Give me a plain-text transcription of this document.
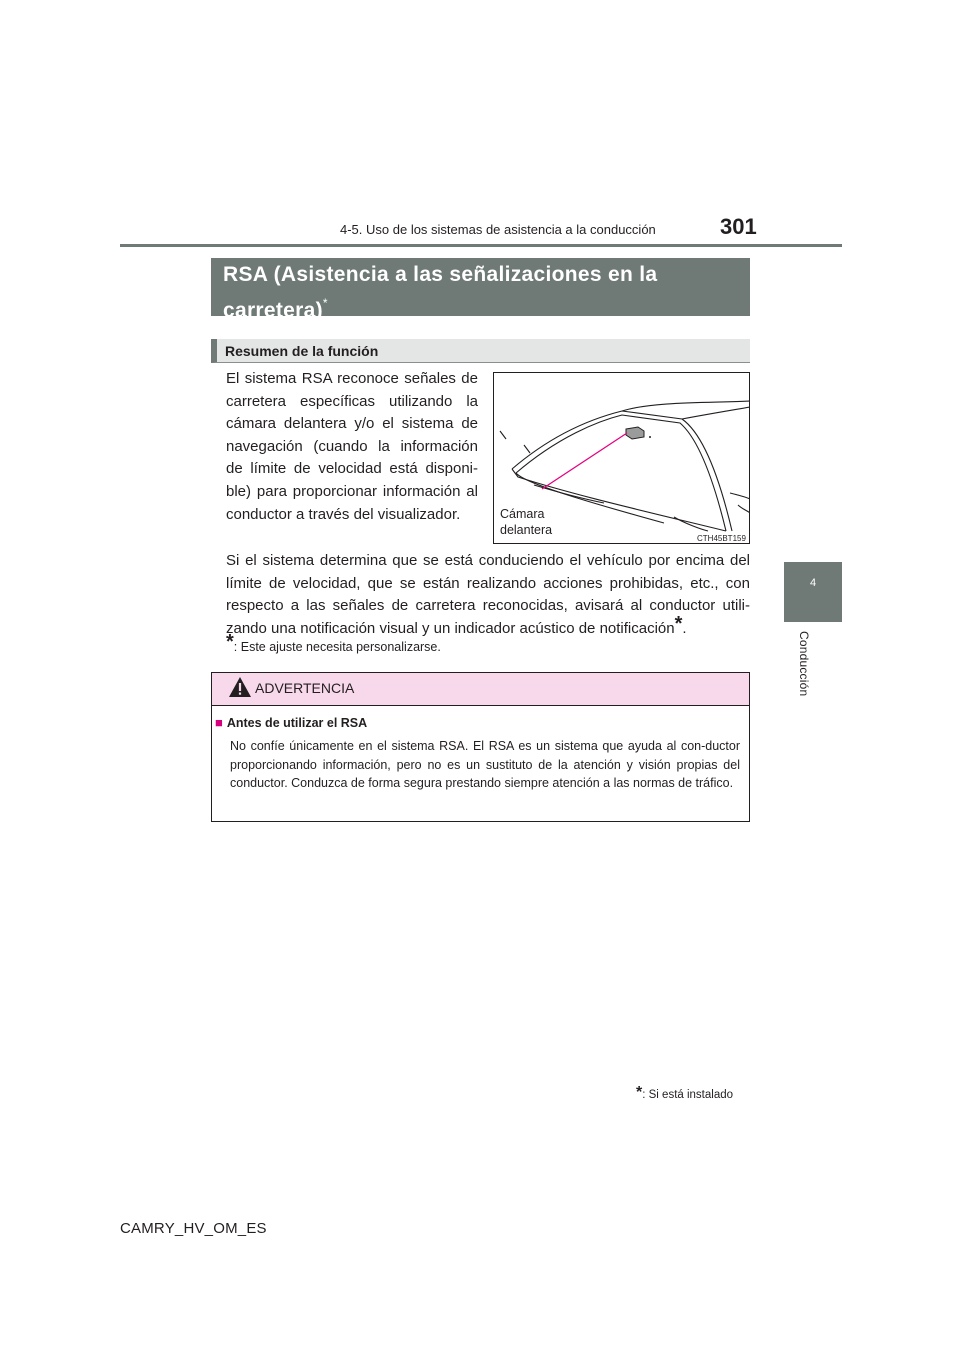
4-5. Uso de los sistemas de asistencia a la conducción	301
4
Conducción
RSA (Asistencia a las señalizaciones en la carretera)*
Resumen de la función
El sistema RSA reconoce señales de carretera específicas utilizando la cámara delantera y/o el sistema de navegación (cuando la información de límite de velocidad está disponi-ble) para proporcionar información al conductor a través del visualizador.	Cámara
delantera
CTH45BT159
Si el sistema determina que se está conduciendo el vehículo por encima del límite de velocidad, que se están realizando acciones prohibidas, etc., con respecto a las señales de carretera reconocidas, avisará al conductor utili-zando una notificación visual y un indicador acústico de notificación*.
*: Este ajuste necesita personalizarse.
ADVERTENCIA
■ Antes de utilizar el RSA
No confíe únicamente en el sistema RSA. El RSA es un sistema que ayuda al con-ductor proporcionando información, pero no es un sustituto de la atención y visión propias del conductor. Conduzca de forma segura prestando siempre atención a las normas de tráfico.
*: Si está instalado
CAMRY_HV_OM_ES
